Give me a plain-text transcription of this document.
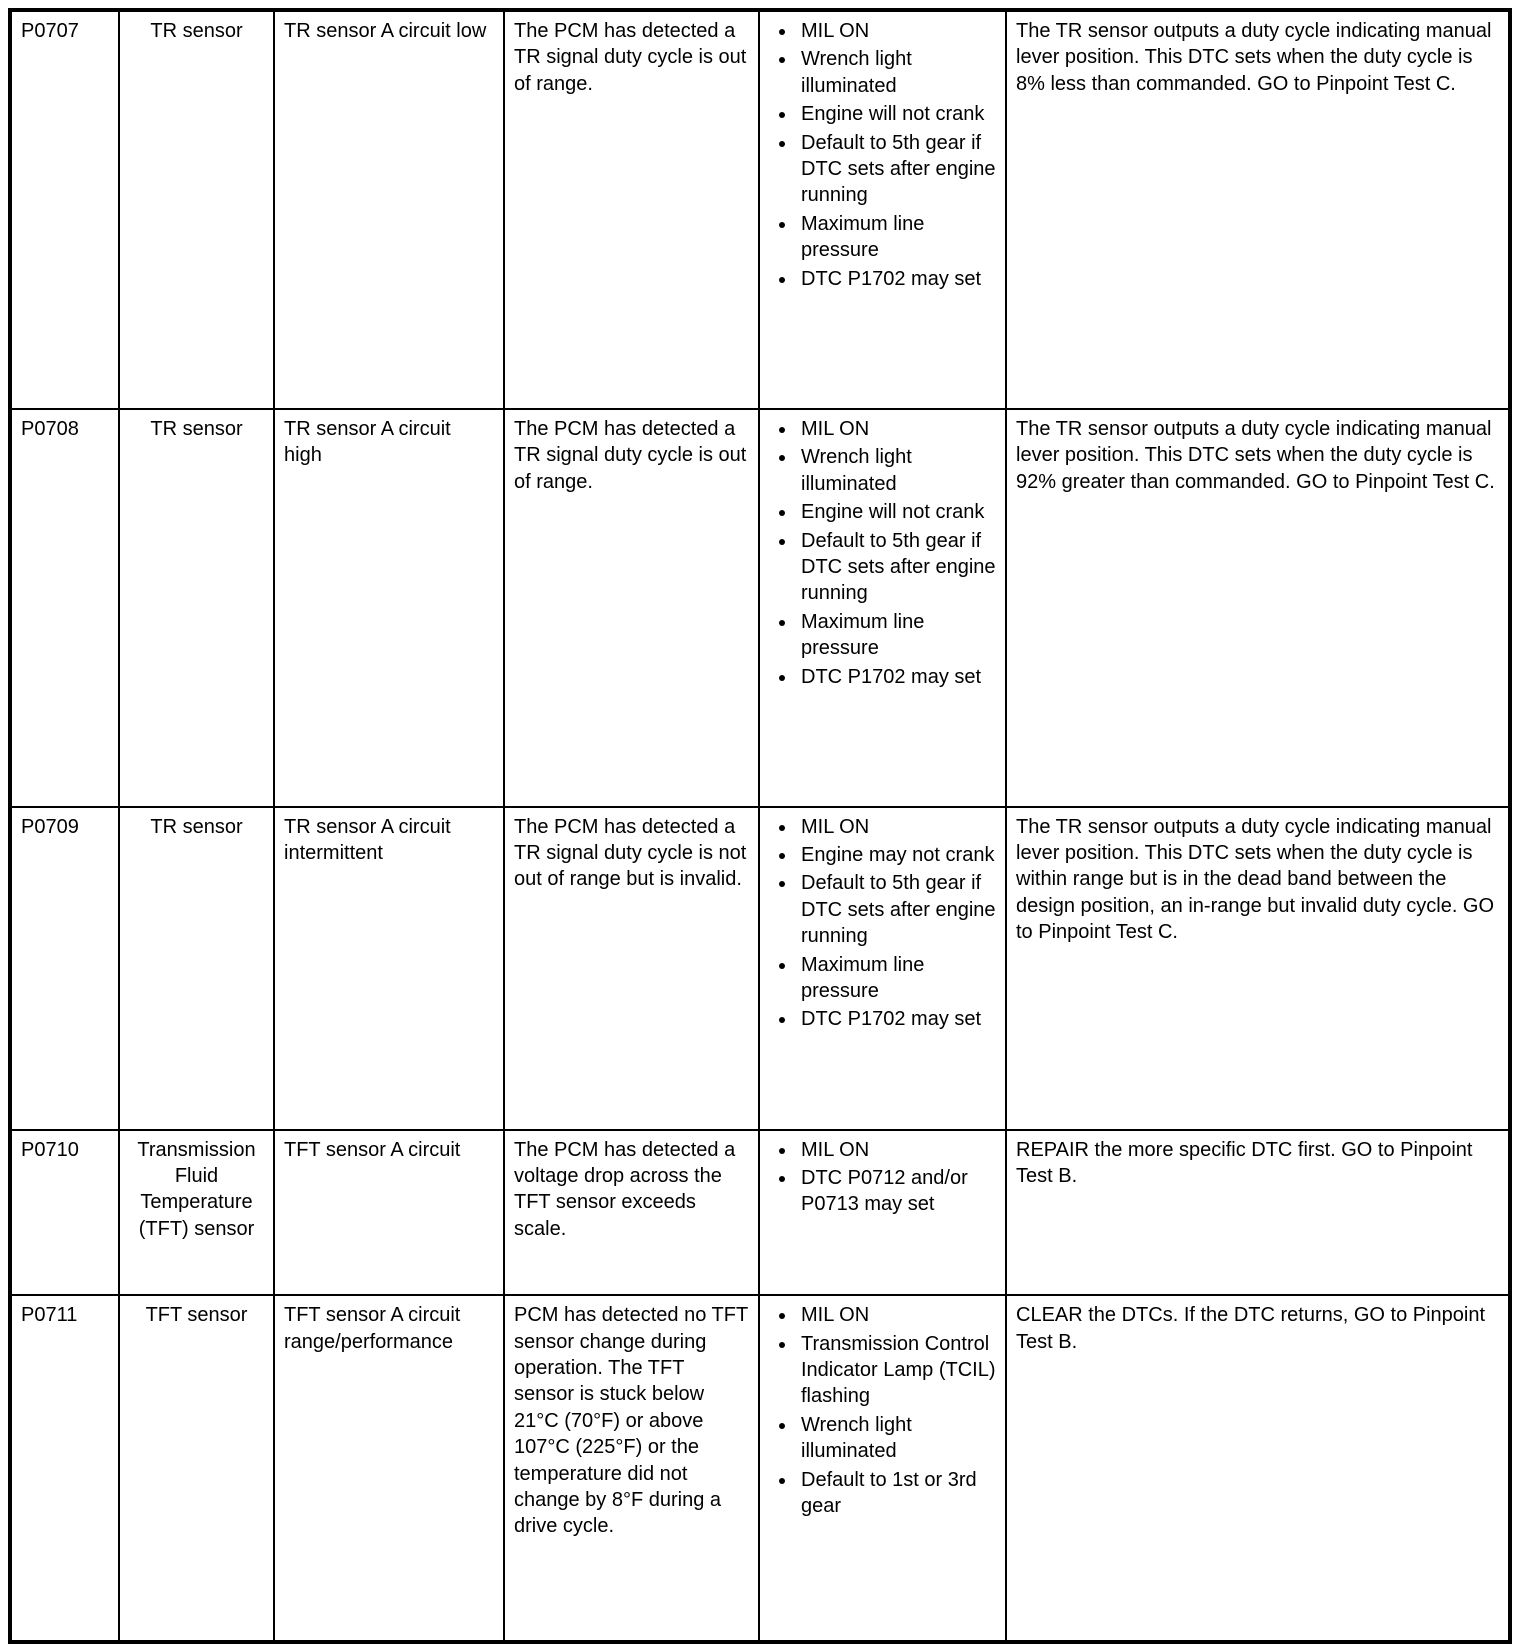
P0707	TR sensor	TR sensor A circuit low	The PCM has detected a TR signal duty cycle is out of range.	
• MIL ON
• Wrench light illuminated
• Engine will not crank
• Default to 5th gear if DTC sets after engine running
• Maximum line pressure
• DTC P1702 may set
	The TR sensor outputs a duty cycle indicating manual lever position. This DTC sets when the duty cycle is 8% less than commanded. GO to Pinpoint Test C.
P0708	TR sensor	TR sensor A circuit high	The PCM has detected a TR signal duty cycle is out of range.	
• MIL ON
• Wrench light illuminated
• Engine will not crank
• Default to 5th gear if DTC sets after engine running
• Maximum line pressure
• DTC P1702 may set
	The TR sensor outputs a duty cycle indicating manual lever position. This DTC sets when the duty cycle is 92% greater than commanded. GO to Pinpoint Test C.
P0709	TR sensor	TR sensor A circuit intermittent	The PCM has detected a TR signal duty cycle is not out of range but is invalid.	
• MIL ON
• Engine may not crank
• Default to 5th gear if DTC sets after engine running
• Maximum line pressure
• DTC P1702 may set
	The TR sensor outputs a duty cycle indicating manual lever position. This DTC sets when the duty cycle is within range but is in the dead band between the design position, an in-range but invalid duty cycle. GO to Pinpoint Test C.
P0710	Transmission Fluid Temperature (TFT) sensor	TFT sensor A circuit	The PCM has detected a voltage drop across the TFT sensor exceeds scale.	
• MIL ON
• DTC P0712 and/or P0713 may set
	REPAIR the more specific DTC first. GO to Pinpoint Test B.
P0711	TFT sensor	TFT sensor A circuit range/performance	PCM has detected no TFT sensor change during operation. The TFT sensor is stuck below 21°C (70°F) or above 107°C (225°F) or the temperature did not change by 8°F during a drive cycle.	
• MIL ON
• Transmission Control Indicator Lamp (TCIL) flashing
• Wrench light illuminated
• Default to 1st or 3rd gear
	CLEAR the DTCs. If the DTC returns, GO to Pinpoint Test B.
